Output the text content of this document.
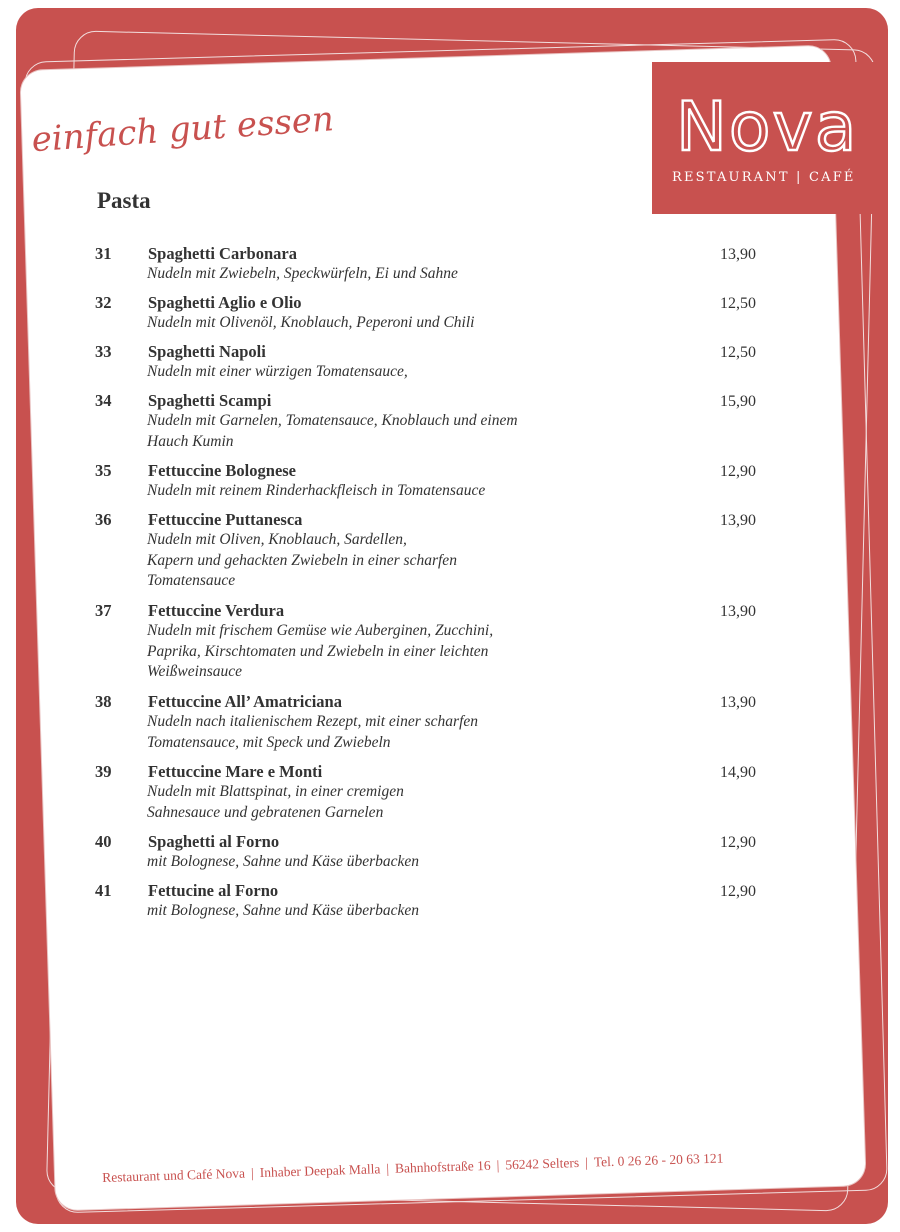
einfach gut essen	Nova
RESTAURANT | CAFÉ
Pasta
31 Spaghetti Carbonara
Nudeln mit Zwiebeln, Speckwürfeln, Ei und Sahne
13,90
32 Spaghetti Aglio e Olio
Nudeln mit Olivenöl, Knoblauch, Peperoni und Chili
12,50
33 Spaghetti Napoli
Nudeln mit einer würzigen Tomatensauce,
12,50
34 Spaghetti Scampi
Nudeln mit Garnelen, Tomatensauce, Knoblauch und einem
Hauch Kumin
15,90
35 Fettuccine Bolognese
Nudeln mit reinem Rinderhackfleisch in Tomatensauce
12,90
36 Fettuccine Puttanesca
Nudeln mit Oliven, Knoblauch, Sardellen,
Kapern und gehackten Zwiebeln in einer scharfen
Tomatensauce
13,90
37 Fettuccine Verdura
Nudeln mit frischem Gemüse wie Auberginen, Zucchini,
Paprika, Kirschtomaten und Zwiebeln in einer leichten
Weißweinsauce
13,90
38 Fettuccine All’ Amatriciana
Nudeln nach italienischem Rezept, mit einer scharfen
Tomatensauce, mit Speck und Zwiebeln
13,90
39 Fettuccine Mare e Monti
Nudeln mit Blattspinat, in einer cremigen
Sahnesauce und gebratenen Garnelen
14,90
40 Spaghetti al Forno
mit Bolognese, Sahne und Käse überbacken
12,90
41 Fettucine al Forno
mit Bolognese, Sahne und Käse überbacken
12,90
Restaurant und Café Nova | Inhaber Deepak Malla | Bahnhofstraße 16 | 56242 Selters | Tel. 0 26 26 - 20 63 121
